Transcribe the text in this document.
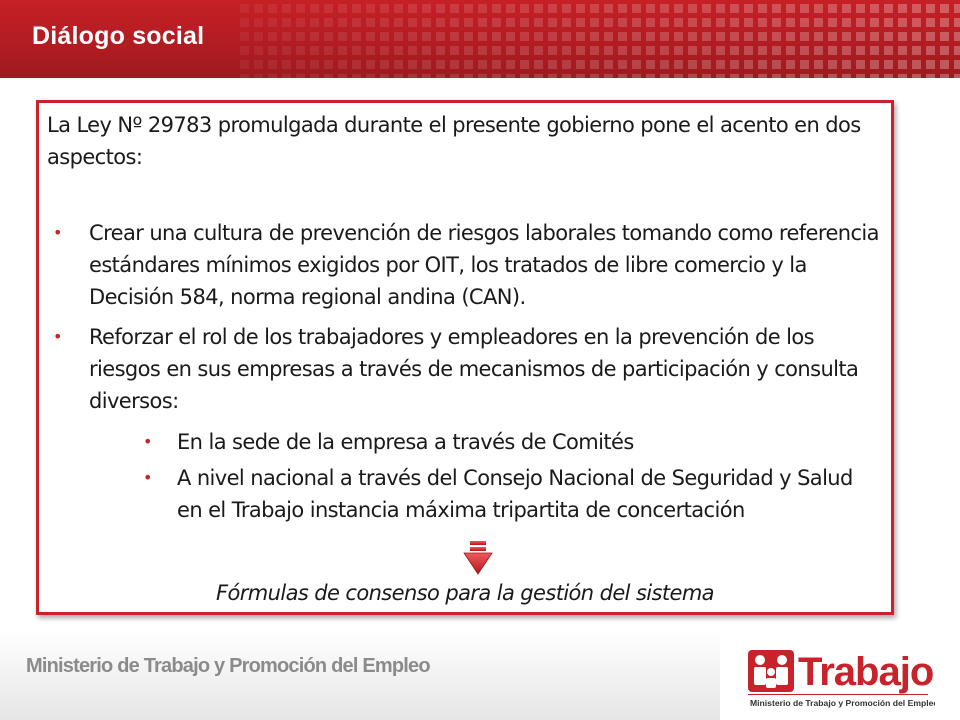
Diálogo social
La Ley Nº 29783 promulgada durante el presente gobierno pone el acento en dos aspectos:
• Crear una cultura de prevención de riesgos laborales tomando como referencia estándares mínimos exigidos por OIT, los tratados de libre comercio y la Decisión 584, norma regional andina (CAN).
• Reforzar el rol de los trabajadores y empleadores en la prevención de los riesgos en sus empresas a través de mecanismos de participación y consulta diversos:
• En la sede de la empresa a través de Comités
• A nivel nacional a través del Consejo Nacional de Seguridad y Salud en el Trabajo instancia máxima tripartita de concertación
Fórmulas de consenso para la gestión del sistema
Ministerio de Trabajo y Promoción del Empleo	Trabajo
Ministerio de Trabajo y Promoción del Empleo
